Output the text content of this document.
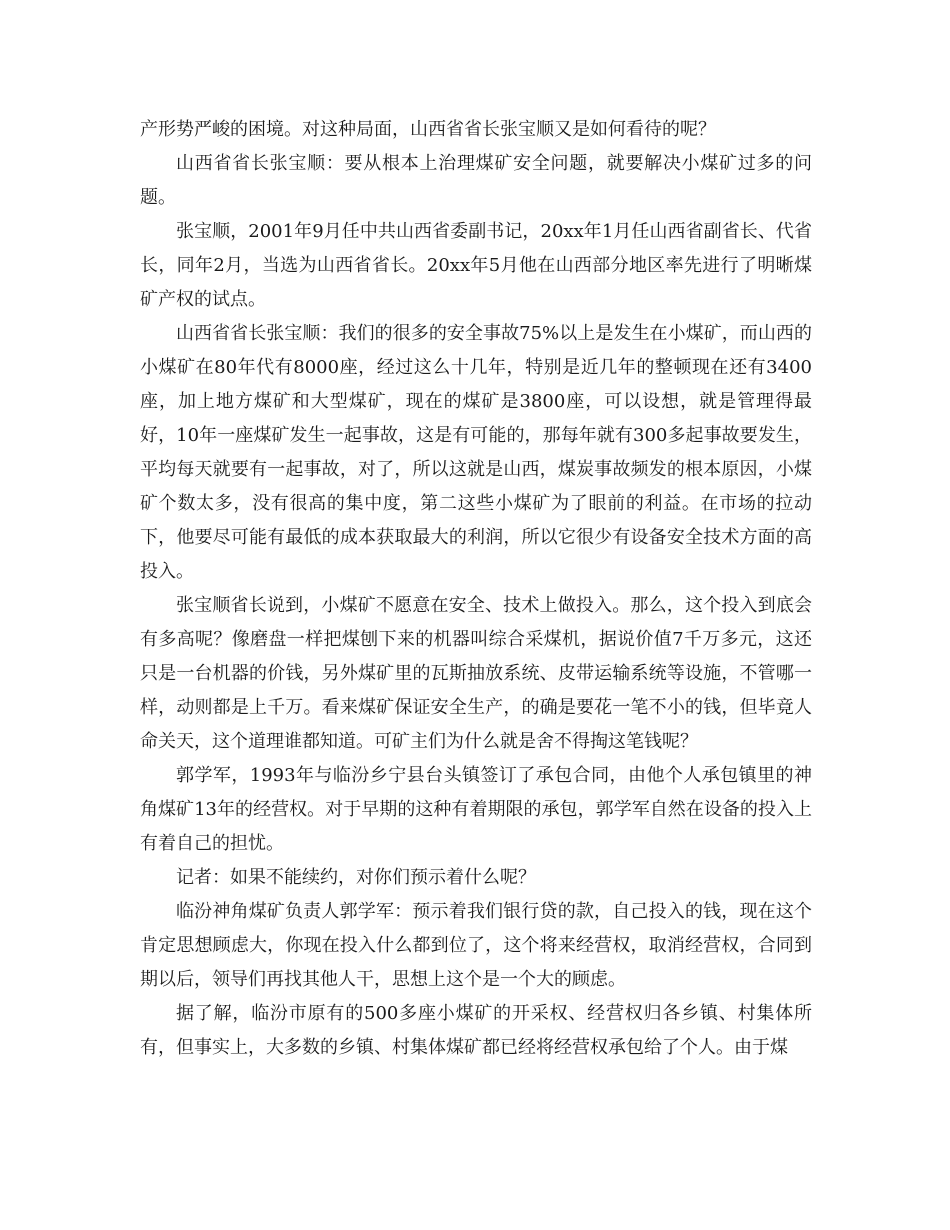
产形势严峻的困境。对这种局面，山西省省长张宝顺又是如何看待的呢？

山西省省长张宝顺：要从根本上治理煤矿安全问题，就要解决小煤矿过多的问题。

张宝顺，2001年9月任中共山西省委副书记，20xx年1月任山西省副省长、代省长，同年2月，当选为山西省省长。20xx年5月他在山西部分地区率先进行了明晰煤矿产权的试点。

山西省省长张宝顺：我们的很多的安全事故75%以上是发生在小煤矿，而山西的小煤矿在80年代有8000座，经过这么十几年，特别是近几年的整顿现在还有3400座，加上地方煤矿和大型煤矿，现在的煤矿是3800座，可以设想，就是管理得最好，10年一座煤矿发生一起事故，这是有可能的，那每年就有300多起事故要发生，平均每天就要有一起事故，对了，所以这就是山西，煤炭事故频发的根本原因，小煤矿个数太多，没有很高的集中度，第二这些小煤矿为了眼前的利益。在市场的拉动下，他要尽可能有最低的成本获取最大的利润，所以它很少有设备安全技术方面的高投入。

张宝顺省长说到，小煤矿不愿意在安全、技术上做投入。那么，这个投入到底会有多高呢？像磨盘一样把煤刨下来的机器叫综合采煤机，据说价值7千万多元，这还只是一台机器的价钱，另外煤矿里的瓦斯抽放系统、皮带运输系统等设施，不管哪一样，动则都是上千万。看来煤矿保证安全生产，的确是要花一笔不小的钱，但毕竟人命关天，这个道理谁都知道。可矿主们为什么就是舍不得掏这笔钱呢？

郭学军，1993年与临汾乡宁县台头镇签订了承包合同，由他个人承包镇里的神角煤矿13年的经营权。对于早期的这种有着期限的承包，郭学军自然在设备的投入上有着自己的担忧。

记者：如果不能续约，对你们预示着什么呢？

临汾神角煤矿负责人郭学军：预示着我们银行贷的款，自己投入的钱，现在这个肯定思想顾虑大，你现在投入什么都到位了，这个将来经营权，取消经营权，合同到期以后，领导们再找其他人干，思想上这个是一个大的顾虑。

据了解，临汾市原有的500多座小煤矿的开采权、经营权归各乡镇、村集体所有，但事实上，大多数的乡镇、村集体煤矿都已经将经营权承包给了个人。由于煤
